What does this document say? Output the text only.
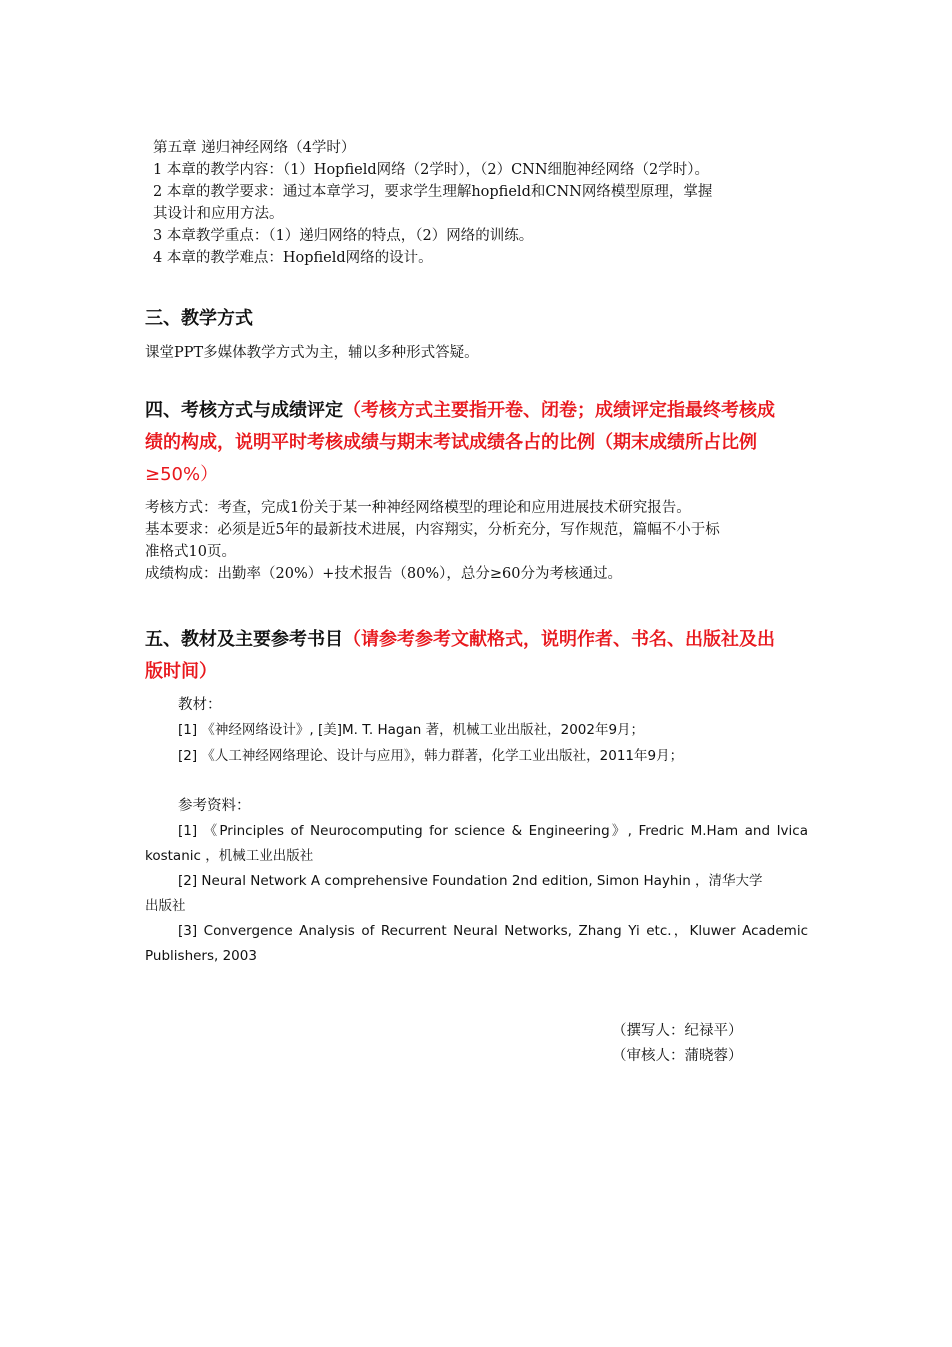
第五章 递归神经网络（4学时）
1 本章的教学内容：（1）Hopfield网络（2学时），（2）CNN细胞神经网络（2学时）。
2 本章的教学要求：通过本章学习，要求学生理解hopfield和CNN网络模型原理，掌握
其设计和应用方法。
3 本章教学重点：（1）递归网络的特点，（2）网络的训练。
4 本章的教学难点：Hopfield网络的设计。
三、教学方式
课堂PPT多媒体教学方式为主，辅以多种形式答疑。
四、考核方式与成绩评定（考核方式主要指开卷、闭卷；成绩评定指最终考核成
绩的构成，说明平时考核成绩与期末考试成绩各占的比例（期末成绩所占比例
≥50%）
考核方式：考查，完成1份关于某一种神经网络模型的理论和应用进展技术研究报告。
基本要求：必须是近5年的最新技术进展，内容翔实，分析充分，写作规范，篇幅不小于标
准格式10页。
成绩构成：出勤率（20%）+技术报告（80%），总分≥60分为考核通过。
五、教材及主要参考书目（请参考参考文献格式，说明作者、书名、出版社及出
版时间）
教材：
[1] 《神经网络设计》, [美]M. T. Hagan 著，机械工业出版社，2002年9月；
[2] 《人工神经网络理论、设计与应用》，韩力群著，化学工业出版社，2011年9月；
参考资料：
[1] 《Principles of Neurocomputing for science & Engineering》, Fredric M.Ham and Ivica
kostanic ，机械工业出版社
[2] Neural Network A comprehensive Foundation 2nd edition, Simon Hayhin ，清华大学
出版社
[3] Convergence Analysis of Recurrent Neural Networks, Zhang Yi etc.，Kluwer Academic
Publishers, 2003
（撰写人：纪禄平）
（审核人：蒲晓蓉）
